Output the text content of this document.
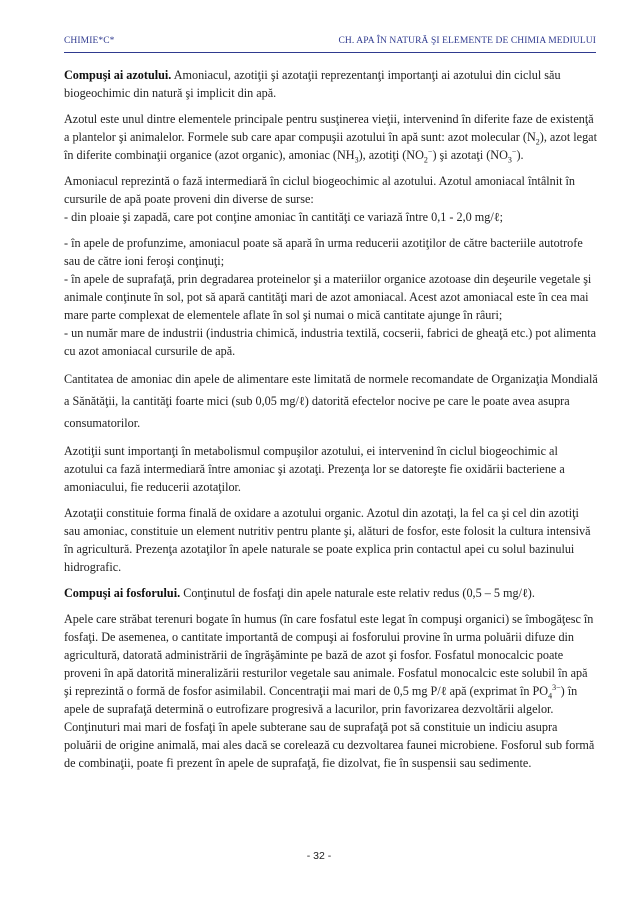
CHIMIE*C*	CH. APA ÎN NATURĂ ŞI ELEMENTE DE CHIMIA MEDIULUI

Compuşi ai azotului. Amoniacul, azotiţii şi azotaţii reprezentanţi importanţi ai azotului din ciclul său biogeochimic din natură şi implicit din apă.

Azotul este unul dintre elementele principale pentru susţinerea vieţii, intervenind în diferite faze de existenţă a plantelor şi animalelor. Formele sub care apar compuşii azotului în apă sunt: azot molecular $(N_2)$, azot legat în diferite combinaţii organice (azot organic), amoniac $(NH_3)$, azotiţi $(NO_2^-)$ şi azotaţi $(NO_3^-)$.

Amoniacul reprezintă o fază intermediară în ciclul biogeochimic al azotului. Azotul amoniacal întâlnit în cursurile de apă poate proveni din diverse de surse:

- din ploaie şi zapadă, care pot conţine amoniac în cantităţi ce variază între 0,1 - 2,0 mg/ℓ;

- în apele de profunzime, amoniacul poate să apară în urma reducerii azotiţilor de către bacteriile autotrofe sau de către ioni feroşi conţinuţi;

- în apele de suprafaţă, prin degradarea proteinelor şi a materiilor organice azotoase din deşeurile vegetale şi animale conţinute în sol, pot să apară cantităţi mari de azot amoniacal. Acest azot amoniacal este în cea mai mare parte complexat de elementele aflate în sol şi numai o mică cantitate ajunge în râuri;

- un număr mare de industrii (industria chimică, industria textilă, cocserii, fabrici de gheaţă etc.) pot alimenta cu azot amoniacal cursurile de apă.

Cantitatea de amoniac din apele de alimentare este limitată de normele recomandate de Organizaţia Mondială a Sănătăţii, la cantităţi foarte mici (sub 0,05 mg/ℓ) datorită efectelor nocive pe care le poate avea asupra consumatorilor.

Azotiţii sunt importanţi în metabolismul compuşilor azotului, ei intervenind în ciclul biogeochimic al azotului ca fază intermediară între amoniac şi azotaţi. Prezenţa lor se datoreşte fie oxidării bacteriene a amoniacului, fie reducerii azotaţilor.

Azotaţii constituie forma finală de oxidare a azotului organic. Azotul din azotaţi, la fel ca şi cel din azotiţi sau amoniac, constituie un element nutritiv pentru plante şi, alături de fosfor, este folosit la cultura intensivă în agricultură. Prezenţa azotaţilor în apele naturale se poate explica prin contactul apei cu solul bazinului hidrografic.

Compuşi ai fosforului. Conţinutul de fosfaţi din apele naturale este relativ redus (0,5 – 5 mg/ℓ).

Apele care străbat terenuri bogate în humus (în care fosfatul este legat în compuşi organici) se îmbogăţesc în fosfaţi. De asemenea, o cantitate importantă de compuşi ai fosforului provine în urma poluării difuze din agricultură, datorată administrării de îngrăşăminte pe bază de azot şi fosfor. Fosfatul monocalcic poate proveni în apă datorită mineralizării resturilor vegetale sau animale. Fosfatul monocalcic este solubil în apă şi reprezintă o formă de fosfor asimilabil. Concentraţii mai mari de 0,5 mg P/ℓ apă (exprimat în $PO_4^{3-}$) în apele de suprafaţă determină o eutrofizare progresivă a lacurilor, prin favorizarea dezvoltării algelor. Conţinuturi mai mari de fosfaţi în apele subterane sau de suprafaţă pot să constituie un indiciu asupra poluării de origine animală, mai ales dacă se corelează cu dezvoltarea faunei microbiene. Fosforul sub formă de combinaţii, poate fi prezent în apele de suprafaţă, fie dizolvat, fie în suspensii sau sedimente.

- 32 -
